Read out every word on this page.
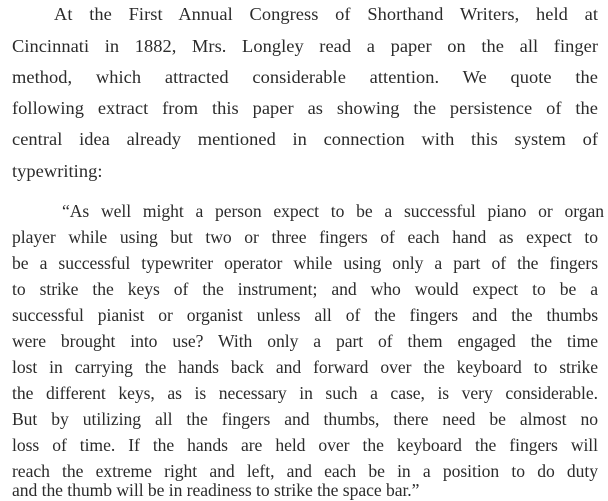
At the First Annual Congress of Shorthand Writers, held at
Cincinnati in 1882, Mrs. Longley read a paper on the all finger
method, which attracted considerable attention. We quote the
following extract from this paper as showing the persistence of the
central idea already mentioned in connection with this system of
typewriting:
“As well might a person expect to be a successful piano or organ
player while using but two or three fingers of each hand as expect to
be a successful typewriter operator while using only a part of the fingers
to strike the keys of the instrument; and who would expect to be a
successful pianist or organist unless all of the fingers and the thumbs
were brought into use? With only a part of them engaged the time
lost in carrying the hands back and forward over the keyboard to strike
the different keys, as is necessary in such a case, is very considerable.
But by utilizing all the fingers and thumbs, there need be almost no
loss of time. If the hands are held over the keyboard the fingers will
reach the extreme right and left, and each be in a position to do duty
and the thumb will be in readiness to strike the space bar.”
